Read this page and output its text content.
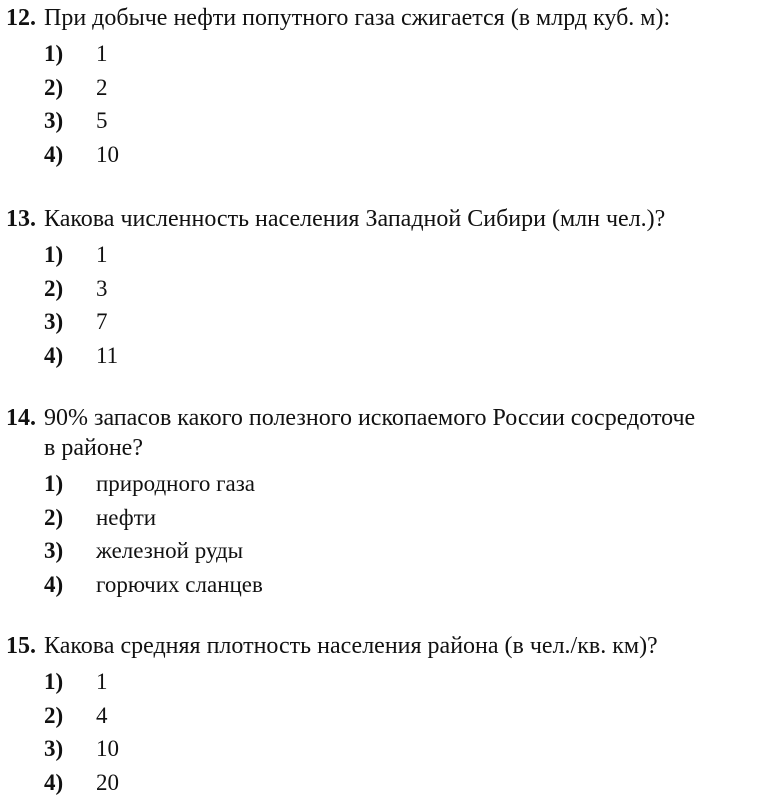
12. При добыче нефти попутного газа сжигается (в млрд куб. м):
1) 1
2) 2
3) 5
4) 10
13. Какова численность населения Западной Сибири (млн чел.)?
1) 1
2) 3
3) 7
4) 11
14. 90% запасов какого полезного ископаемого России сосредоточе
в районе?
1) природного газа
2) нефти
3) железной руды
4) горючих сланцев
15. Какова средняя плотность населения района (в чел./кв. км)?
1) 1
2) 4
3) 10
4) 20
